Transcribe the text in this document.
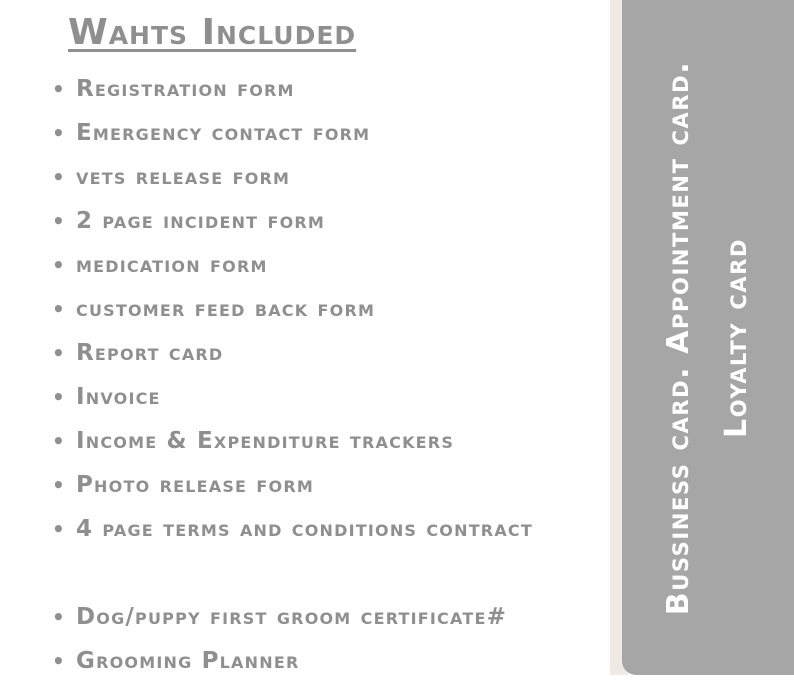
Wahts Included
• Registration form
• Emergency contact form
• vets release form
• 2 page incident form
• medication form
• customer feed back form
• Report card
• Invoice
• Income & Expenditure trackers
• Photo release form
• 4 page terms and conditions contract
• Dog/puppy first groom certificate#
• Grooming Planner
Bussiness card. Appointment card. Loyalty card
